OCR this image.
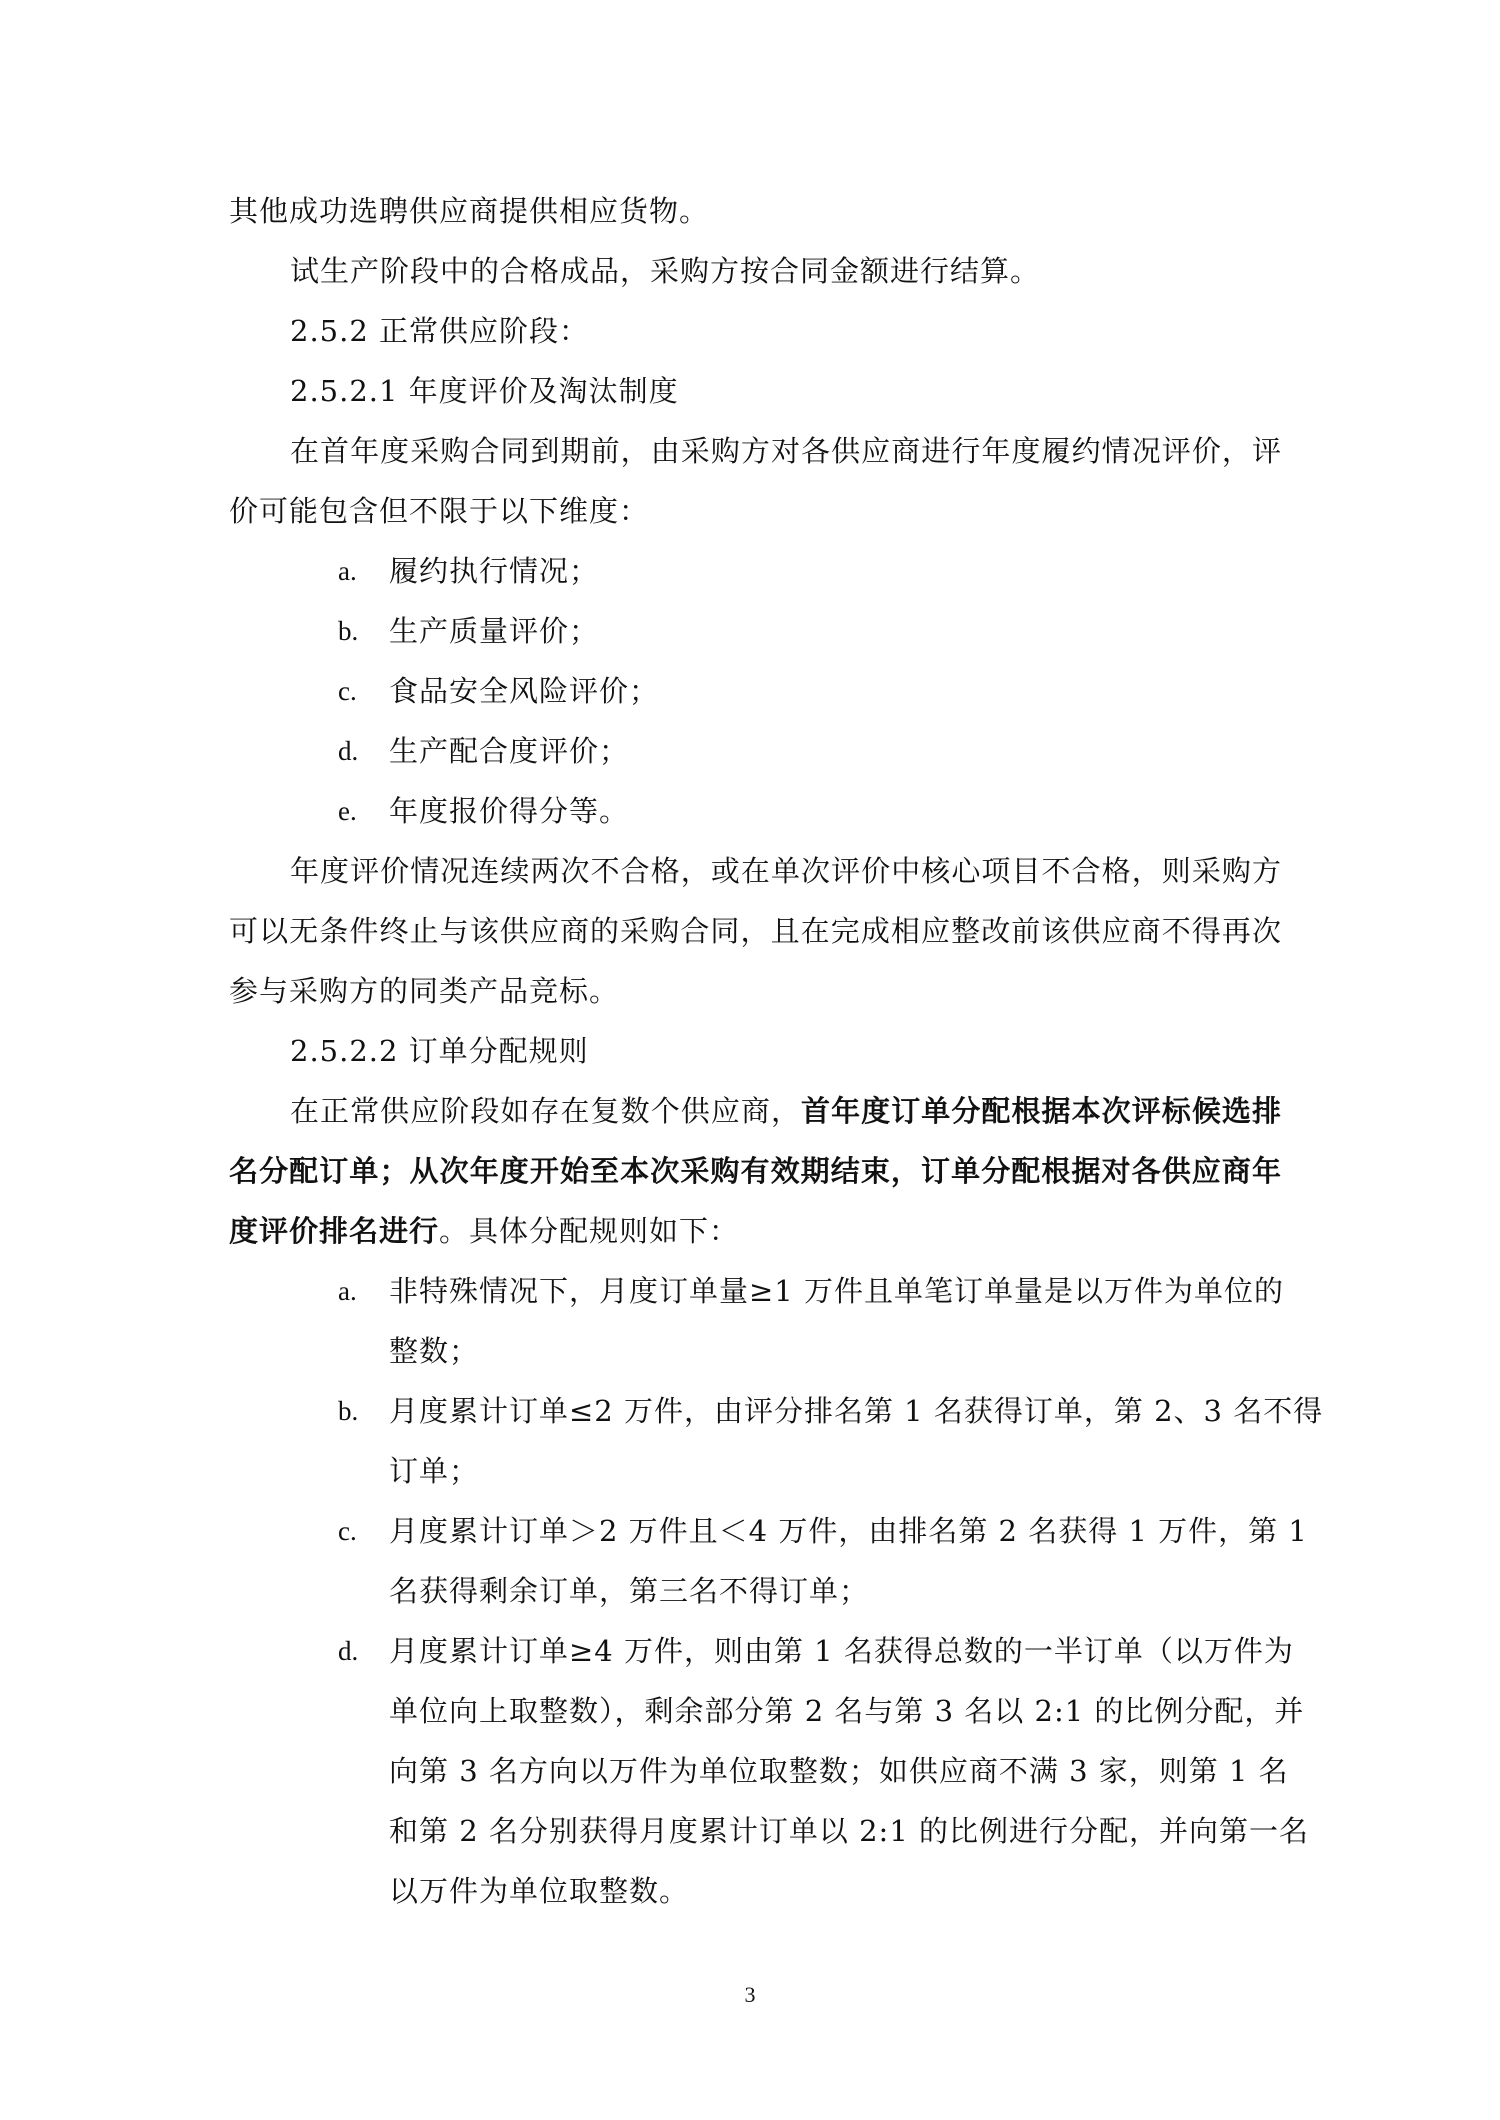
其他成功选聘供应商提供相应货物。
试生产阶段中的合格成品，采购方按合同金额进行结算。
2.5.2 正常供应阶段：
2.5.2.1 年度评价及淘汰制度
在首年度采购合同到期前，由采购方对各供应商进行年度履约情况评价，评
价可能包含但不限于以下维度：
a. 履约执行情况；
b. 生产质量评价；
c. 食品安全风险评价；
d. 生产配合度评价；
e. 年度报价得分等。
年度评价情况连续两次不合格，或在单次评价中核心项目不合格，则采购方
可以无条件终止与该供应商的采购合同，且在完成相应整改前该供应商不得再次
参与采购方的同类产品竞标。
2.5.2.2 订单分配规则
在正常供应阶段如存在复数个供应商，首年度订单分配根据本次评标候选排
名分配订单；从次年度开始至本次采购有效期结束，订单分配根据对各供应商年
度评价排名进行。具体分配规则如下：
a. 非特殊情况下，月度订单量≥1 万件且单笔订单量是以万件为单位的
整数；
b. 月度累计订单≤2 万件，由评分排名第 1 名获得订单，第 2、3 名不得
订单；
c. 月度累计订单＞2 万件且＜4 万件，由排名第 2 名获得 1 万件，第 1
名获得剩余订单，第三名不得订单；
d. 月度累计订单≥4 万件，则由第 1 名获得总数的一半订单（以万件为
单位向上取整数），剩余部分第 2 名与第 3 名以 2:1 的比例分配，并
向第 3 名方向以万件为单位取整数；如供应商不满 3 家，则第 1 名
和第 2 名分别获得月度累计订单以 2:1 的比例进行分配，并向第一名
以万件为单位取整数。
3
